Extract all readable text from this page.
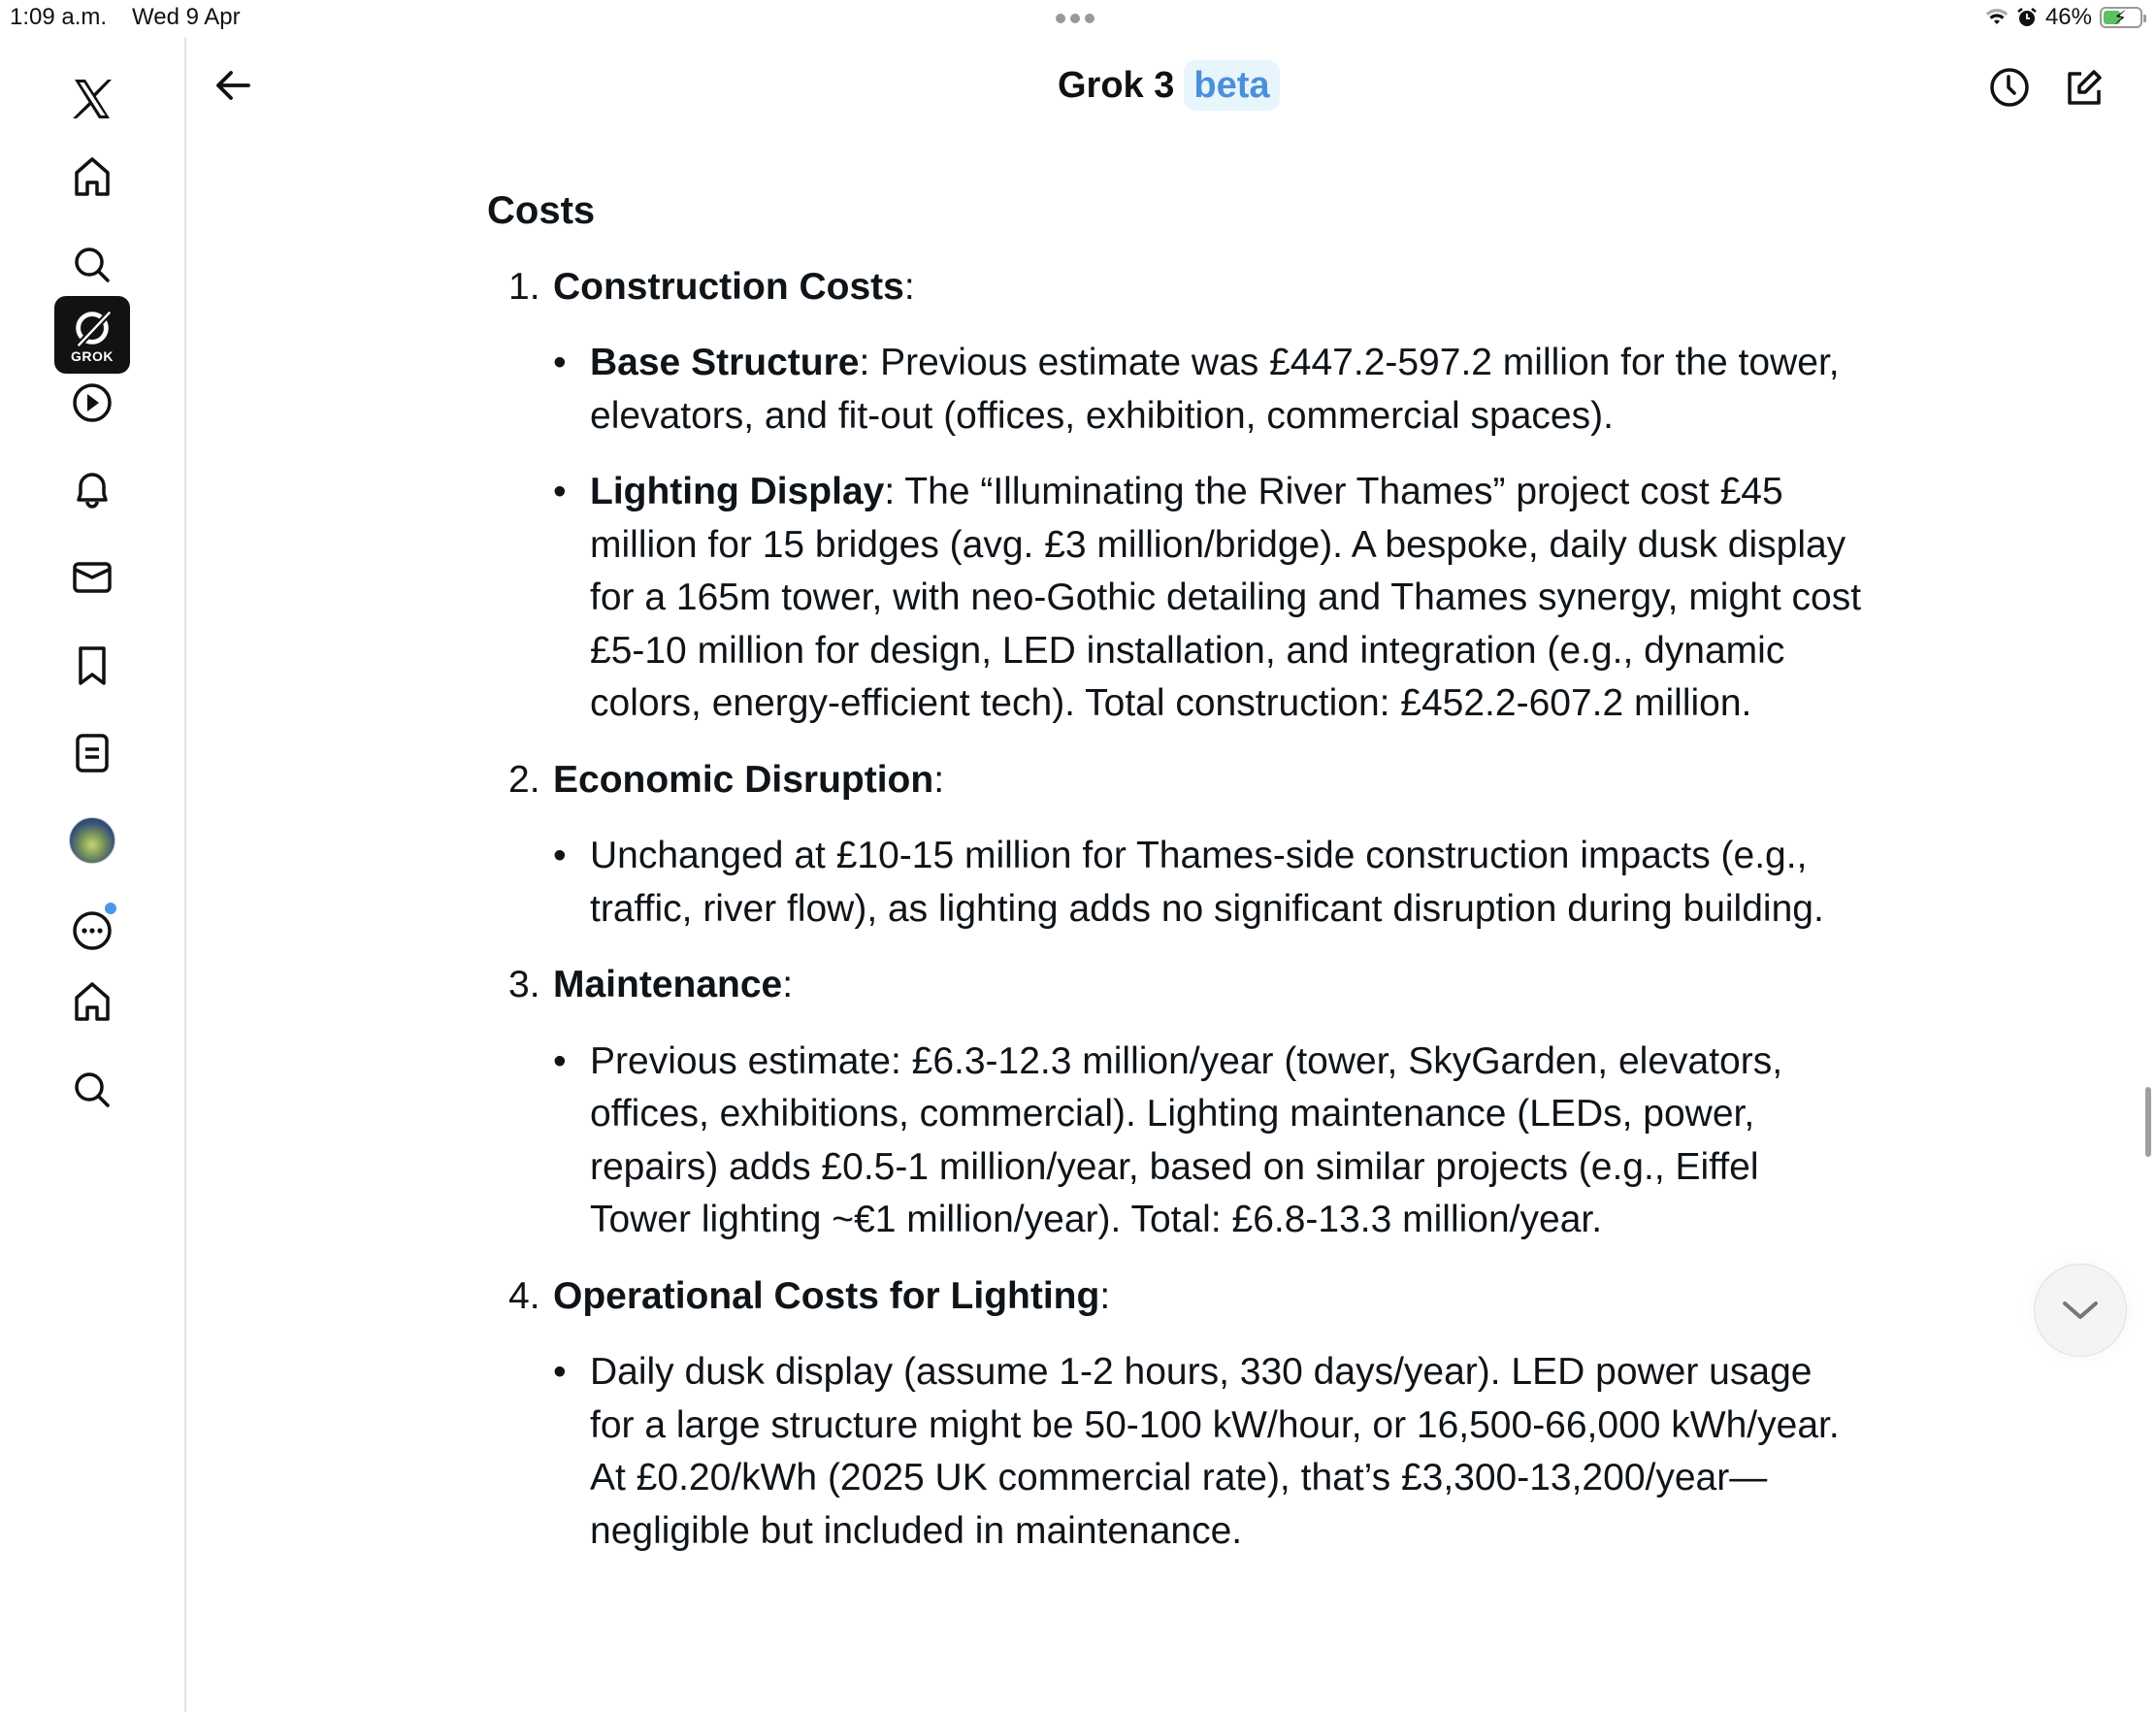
1:09 a.m. Wed 9 Apr	46% ⚡
GROK
Grok 3 beta
Costs
1. Construction Costs:
• Base Structure: Previous estimate was £447.2-597.2 million for the tower, elevators, and fit-out (offices, exhibition, commercial spaces).
• Lighting Display: The “Illuminating the River Thames” project cost £45 million for 15 bridges (avg. £3 million/bridge). A bespoke, daily dusk display for a 165m tower, with neo-Gothic detailing and Thames synergy, might cost £5-10 million for design, LED installation, and integration (e.g., dynamic colors, energy-efficient tech). Total construction: £452.2-607.2 million.
2. Economic Disruption:
• Unchanged at £10-15 million for Thames-side construction impacts (e.g., traffic, river flow), as lighting adds no significant disruption during building.
3. Maintenance:
• Previous estimate: £6.3-12.3 million/year (tower, SkyGarden, elevators, offices, exhibitions, commercial). Lighting maintenance (LEDs, power, repairs) adds £0.5-1 million/year, based on similar projects (e.g., Eiffel Tower lighting ~€1 million/year). Total: £6.8-13.3 million/year.
4. Operational Costs for Lighting:
• Daily dusk display (assume 1-2 hours, 330 days/year). LED power usage for a large structure might be 50-100 kW/hour, or 16,500-66,000 kWh/year. At £0.20/kWh (2025 UK commercial rate), that’s £3,300-13,200/year—negligible but included in maintenance.
